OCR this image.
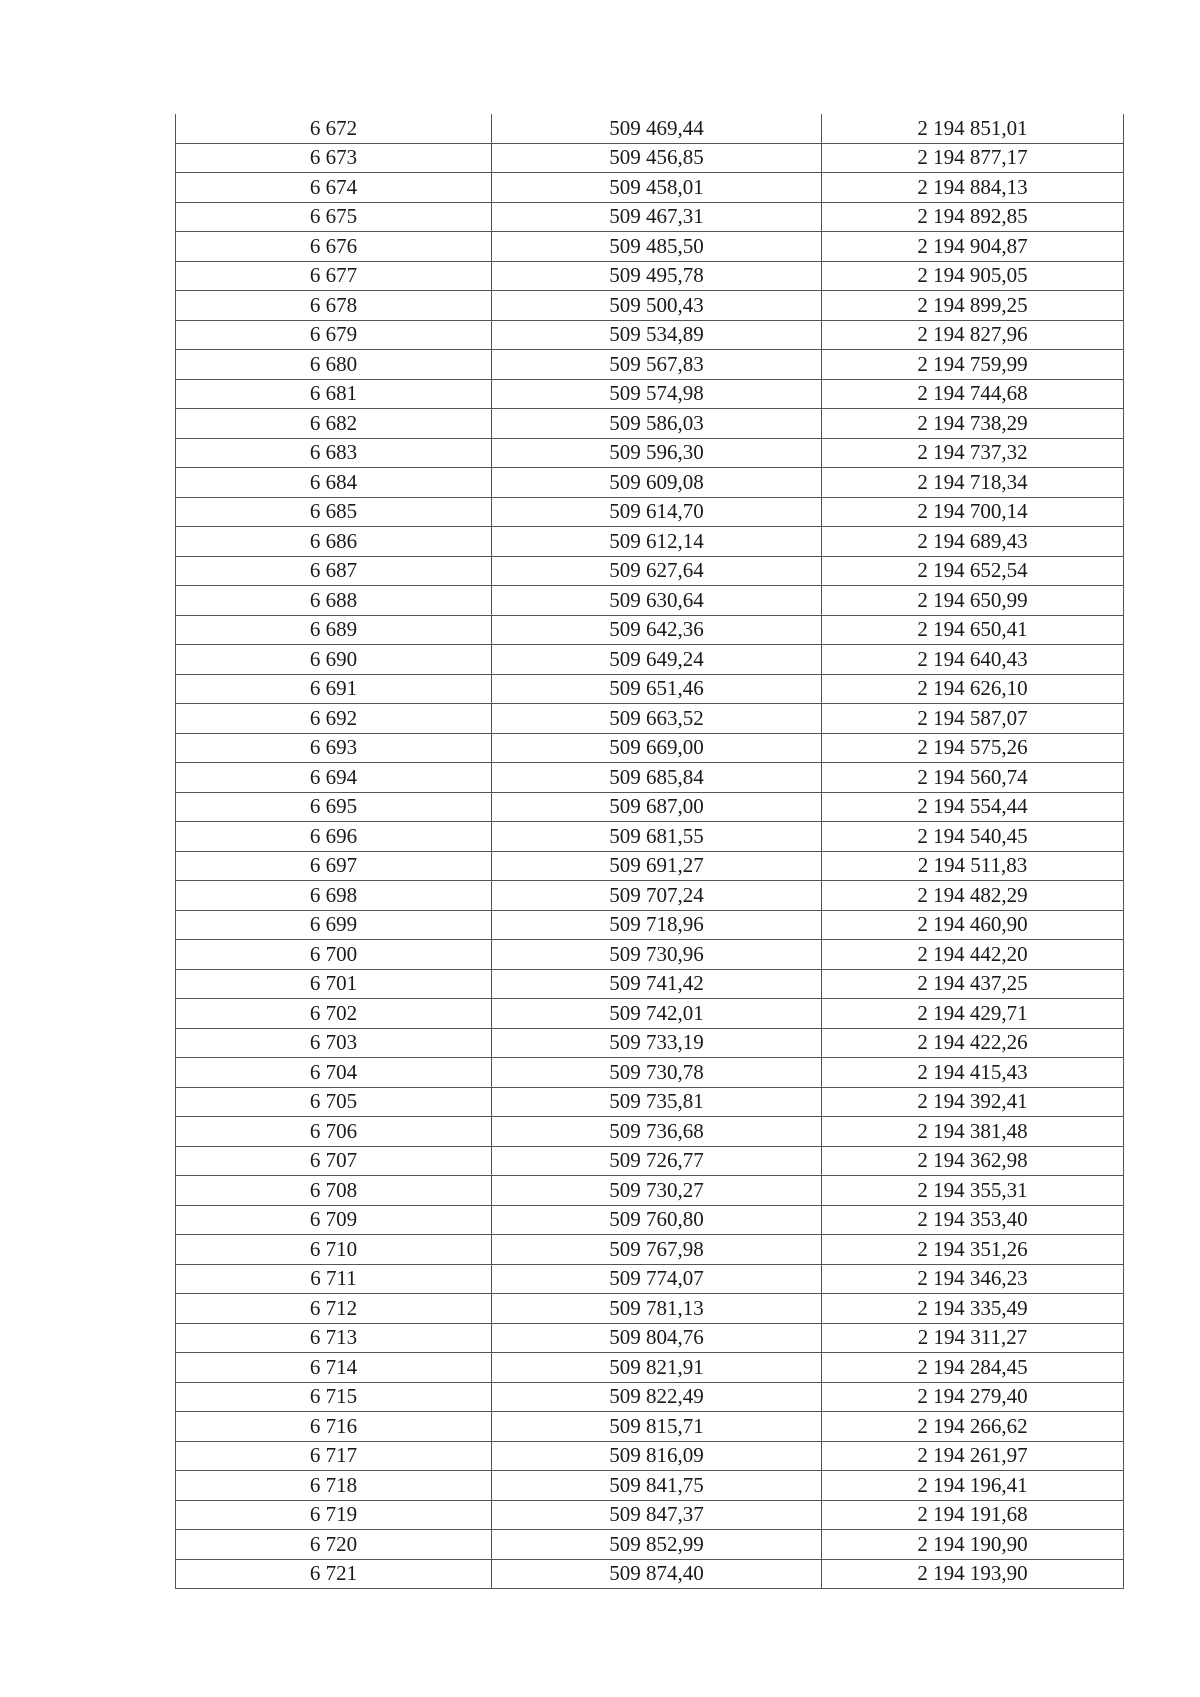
6 672	509 469,44	2 194 851,01
6 673	509 456,85	2 194 877,17
6 674	509 458,01	2 194 884,13
6 675	509 467,31	2 194 892,85
6 676	509 485,50	2 194 904,87
6 677	509 495,78	2 194 905,05
6 678	509 500,43	2 194 899,25
6 679	509 534,89	2 194 827,96
6 680	509 567,83	2 194 759,99
6 681	509 574,98	2 194 744,68
6 682	509 586,03	2 194 738,29
6 683	509 596,30	2 194 737,32
6 684	509 609,08	2 194 718,34
6 685	509 614,70	2 194 700,14
6 686	509 612,14	2 194 689,43
6 687	509 627,64	2 194 652,54
6 688	509 630,64	2 194 650,99
6 689	509 642,36	2 194 650,41
6 690	509 649,24	2 194 640,43
6 691	509 651,46	2 194 626,10
6 692	509 663,52	2 194 587,07
6 693	509 669,00	2 194 575,26
6 694	509 685,84	2 194 560,74
6 695	509 687,00	2 194 554,44
6 696	509 681,55	2 194 540,45
6 697	509 691,27	2 194 511,83
6 698	509 707,24	2 194 482,29
6 699	509 718,96	2 194 460,90
6 700	509 730,96	2 194 442,20
6 701	509 741,42	2 194 437,25
6 702	509 742,01	2 194 429,71
6 703	509 733,19	2 194 422,26
6 704	509 730,78	2 194 415,43
6 705	509 735,81	2 194 392,41
6 706	509 736,68	2 194 381,48
6 707	509 726,77	2 194 362,98
6 708	509 730,27	2 194 355,31
6 709	509 760,80	2 194 353,40
6 710	509 767,98	2 194 351,26
6 711	509 774,07	2 194 346,23
6 712	509 781,13	2 194 335,49
6 713	509 804,76	2 194 311,27
6 714	509 821,91	2 194 284,45
6 715	509 822,49	2 194 279,40
6 716	509 815,71	2 194 266,62
6 717	509 816,09	2 194 261,97
6 718	509 841,75	2 194 196,41
6 719	509 847,37	2 194 191,68
6 720	509 852,99	2 194 190,90
6 721	509 874,40	2 194 193,90
